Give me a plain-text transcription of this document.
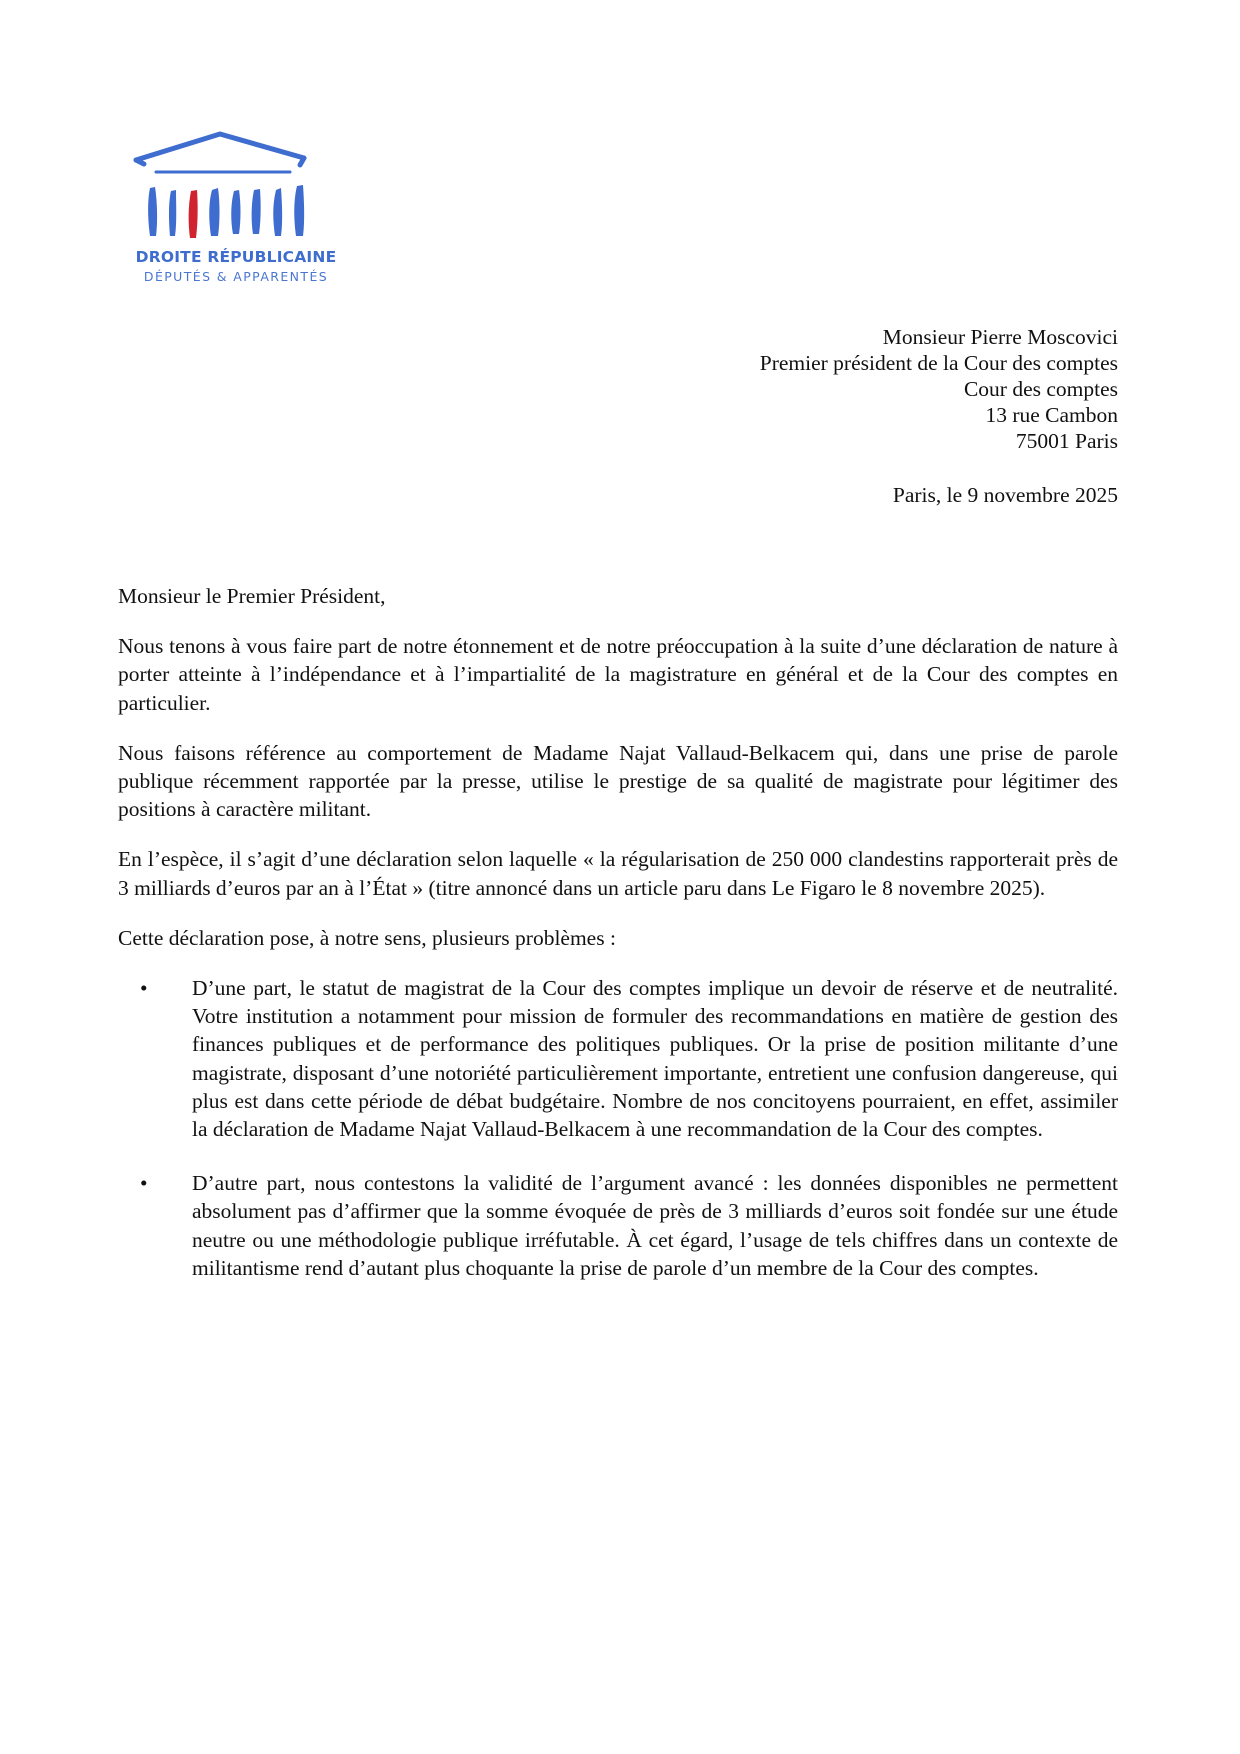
DROITE RÉPUBLICAINE
DÉPUTÉS & APPARENTÉS
Monsieur Pierre Moscovici
Premier président de la Cour des comptes
Cour des comptes
13 rue Cambon
75001 Paris
Paris, le 9 novembre 2025
Monsieur le Premier Président,

Nous tenons à vous faire part de notre étonnement et de notre préoccupation à la suite d’une déclaration de nature à porter atteinte à l’indépendance et à l’impartialité de la magistrature en général et de la Cour des comptes en particulier.

Nous faisons référence au comportement de Madame Najat Vallaud-Belkacem qui, dans une prise de parole publique récemment rapportée par la presse, utilise le prestige de sa qualité de magistrate pour légitimer des positions à caractère militant.

En l’espèce, il s’agit d’une déclaration selon laquelle « la régularisation de 250 000 clandestins rapporterait près de 3 milliards d’euros par an à l’État » (titre annoncé dans un article paru dans Le Figaro le 8 novembre 2025).

Cette déclaration pose, à notre sens, plusieurs problèmes :

• D’une part, le statut de magistrat de la Cour des comptes implique un devoir de réserve et de neutralité. Votre institution a notamment pour mission de formuler des recommandations en matière de gestion des finances publiques et de performance des politiques publiques. Or la prise de position militante d’une magistrate, disposant d’une notoriété particulièrement importante, entretient une confusion dangereuse, qui plus est dans cette période de débat budgétaire. Nombre de nos concitoyens pourraient, en effet, assimiler la déclaration de Madame Najat Vallaud-Belkacem à une recommandation de la Cour des comptes.
• D’autre part, nous contestons la validité de l’argument avancé : les données disponibles ne permettent absolument pas d’affirmer que la somme évoquée de près de 3 milliards d’euros soit fondée sur une étude neutre ou une méthodologie publique irréfutable. À cet égard, l’usage de tels chiffres dans un contexte de militantisme rend d’autant plus choquante la prise de parole d’un membre de la Cour des comptes.
